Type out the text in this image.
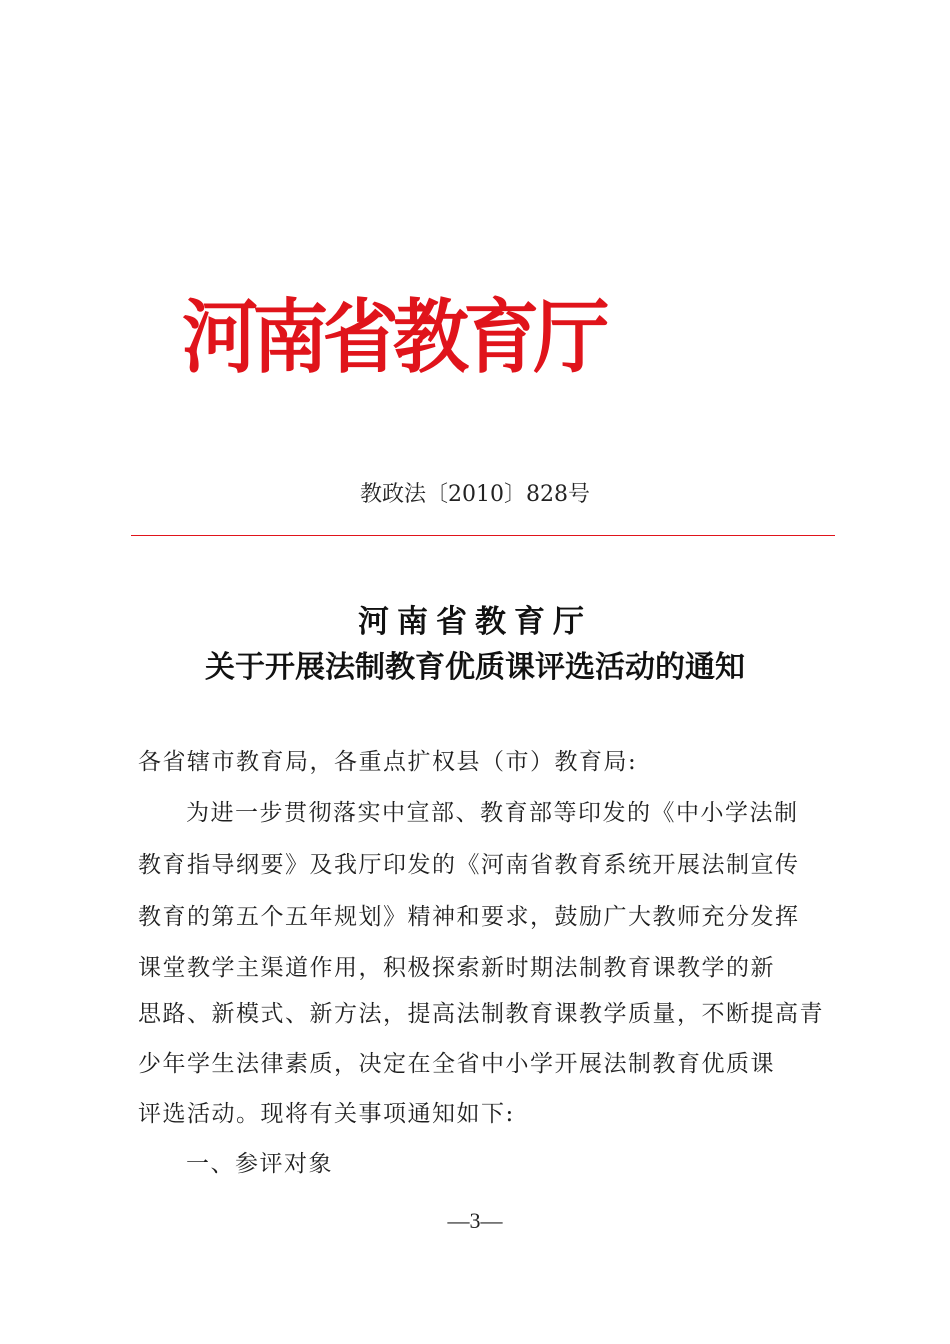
河南省教育厅
教政法〔2010〕828号
河南省教育厅
关于开展法制教育优质课评选活动的通知
各省辖市教育局，各重点扩权县（市）教育局:
为进一步贯彻落实中宣部、教育部等印发的《中小学法制
教育指导纲要》及我厅印发的《河南省教育系统开展法制宣传
教育的第五个五年规划》精神和要求，鼓励广大教师充分发挥
课堂教学主渠道作用，积极探索新时期法制教育课教学的新
思路、新模式、新方法，提高法制教育课教学质量，不断提高青
少年学生法律素质，决定在全省中小学开展法制教育优质课
评选活动。现将有关事项通知如下:
一、参评对象
—3—
